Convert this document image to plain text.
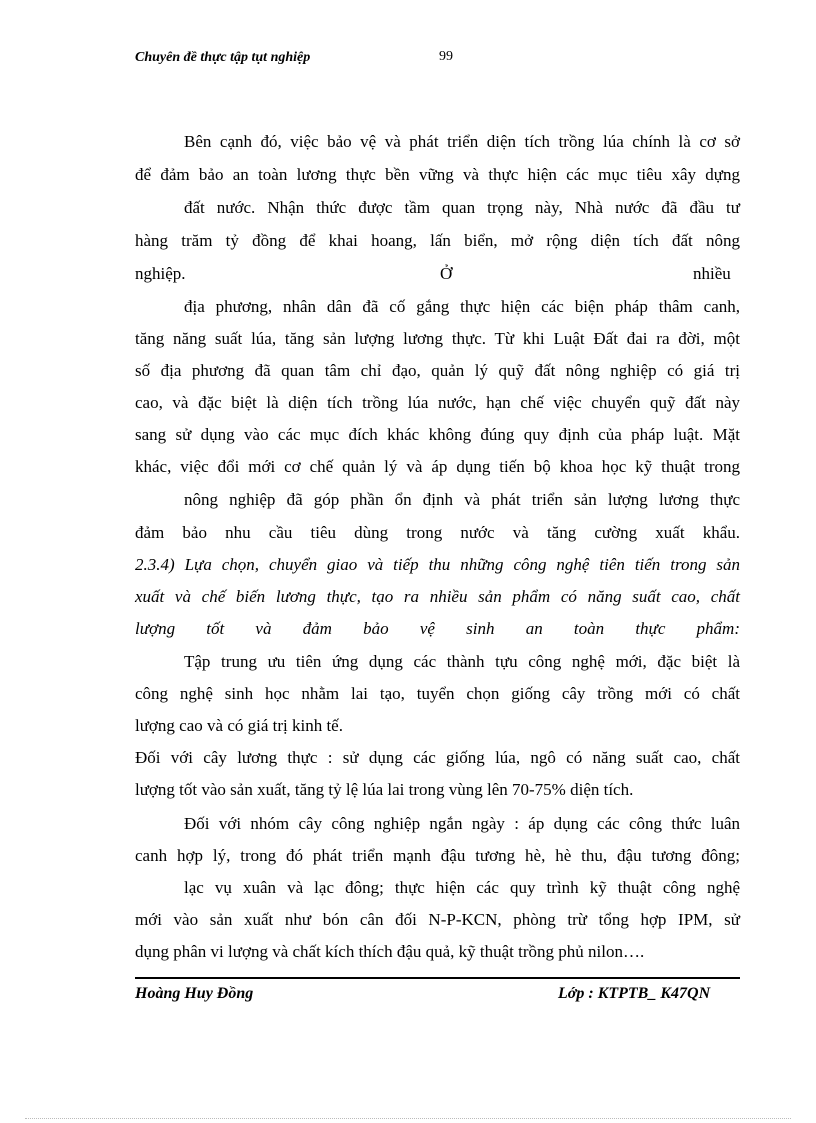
Chuyên đề thực tập tụt nghiệp	99
Bên cạnh đó, việc bảo vệ và phát triển diện tích trồng lúa chính là cơ sở
để đảm bảo an toàn lương thực bền vững và thực hiện các mục tiêu xây dựng
đất nước. Nhận thức được tầm quan trọng này, Nhà nước đã đầu tư
hàng trăm tỷ đồng để khai hoang, lấn biển, mở rộng diện tích đất nông
nghiệp.	Ở	nhiều
địa phương, nhân dân đã cố gắng thực hiện các biện pháp thâm canh,
tăng năng suất lúa, tăng sản lượng lương thực. Từ khi Luật Đất đai ra đời, một
số địa phương đã quan tâm chỉ đạo, quản lý quỹ đất nông nghiệp có giá trị
cao, và đặc biệt là diện tích trồng lúa nước, hạn chế việc chuyển quỹ đất này
sang sử dụng vào các mục đích khác không đúng quy định của pháp luật. Mặt
khác, việc đổi mới cơ chế quản lý và áp dụng tiến bộ khoa học kỹ thuật trong
nông nghiệp đã góp phần ổn định và phát triển sản lượng lương thực
đảm bảo nhu cầu tiêu dùng trong nước và tăng cường xuất khẩu.
2.3.4) Lựa chọn, chuyển giao và tiếp thu những công nghệ tiên tiến trong sản
xuất và chế biến lương thực, tạo ra nhiều sản phẩm có năng suất cao, chất
lượng tốt và đảm bảo vệ sinh an toàn thực phẩm:
Tập trung ưu tiên ứng dụng các thành tựu công nghệ mới, đặc biệt là
công nghệ sinh học nhằm lai tạo, tuyển chọn giống cây trồng mới có chất
lượng cao và có giá trị kinh tế.
Đối với cây lương thực : sử dụng các giống lúa, ngô có năng suất cao, chất
lượng tốt vào sản xuất, tăng tỷ lệ lúa lai trong vùng lên 70-75% diện tích.
Đối với nhóm cây công nghiệp ngắn ngày : áp dụng các công thức luân
canh hợp lý, trong đó phát triển mạnh đậu tương hè, hè thu, đậu tương đông;
lạc vụ xuân và lạc đông; thực hiện các quy trình kỹ thuật công nghệ
mới vào sản xuất như bón cân đối N-P-KCN, phòng trừ tổng hợp IPM, sử
dụng phân vi lượng và chất kích thích đậu quả, kỹ thuật trồng phủ nilon….
Hoàng Huy Đồng	Lớp : KTPTB_ K47QN
